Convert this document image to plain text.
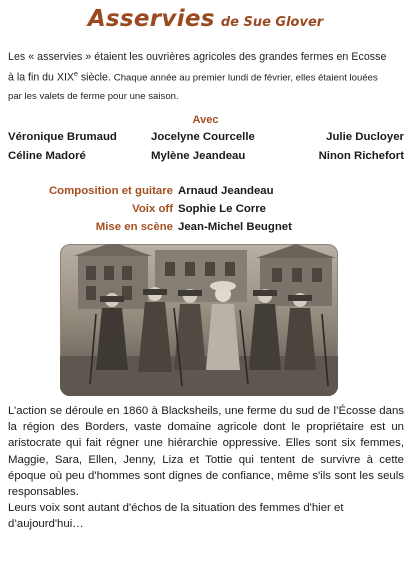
Asservies de Sue Glover
Les « asservies » étaient les ouvrières agricoles des grandes fermes en Ecosse
à la fin du XIXe siècle. Chaque année au premier lundi de février, elles étaient louées
par les valets de ferme pour une saison.
Avec
Véronique Brumaud	Jocelyne Courcelle	Julie Ducloyer
Céline Madoré	Mylène Jeandeau	Ninon Richefort
Composition et guitare Arnaud Jeandeau
Voix off Sophie Le Corre
Mise en scène Jean-Michel Beugnet

L’action se déroule en 1860 à Blacksheils, une ferme du sud de l’Écosse dans la région des Borders, vaste domaine agricole dont le propriétaire est un aristocrate qui fait régner une hiérarchie oppressive. Elles sont six femmes, Maggie, Sara, Ellen, Jenny, Liza et Tottie qui tentent de survivre à cette époque où peu d'hommes sont dignes de confiance, même s'ils sont les seuls responsables.

Leurs voix sont autant d'échos de la situation des femmes d'hier et d’aujourd'hui…
